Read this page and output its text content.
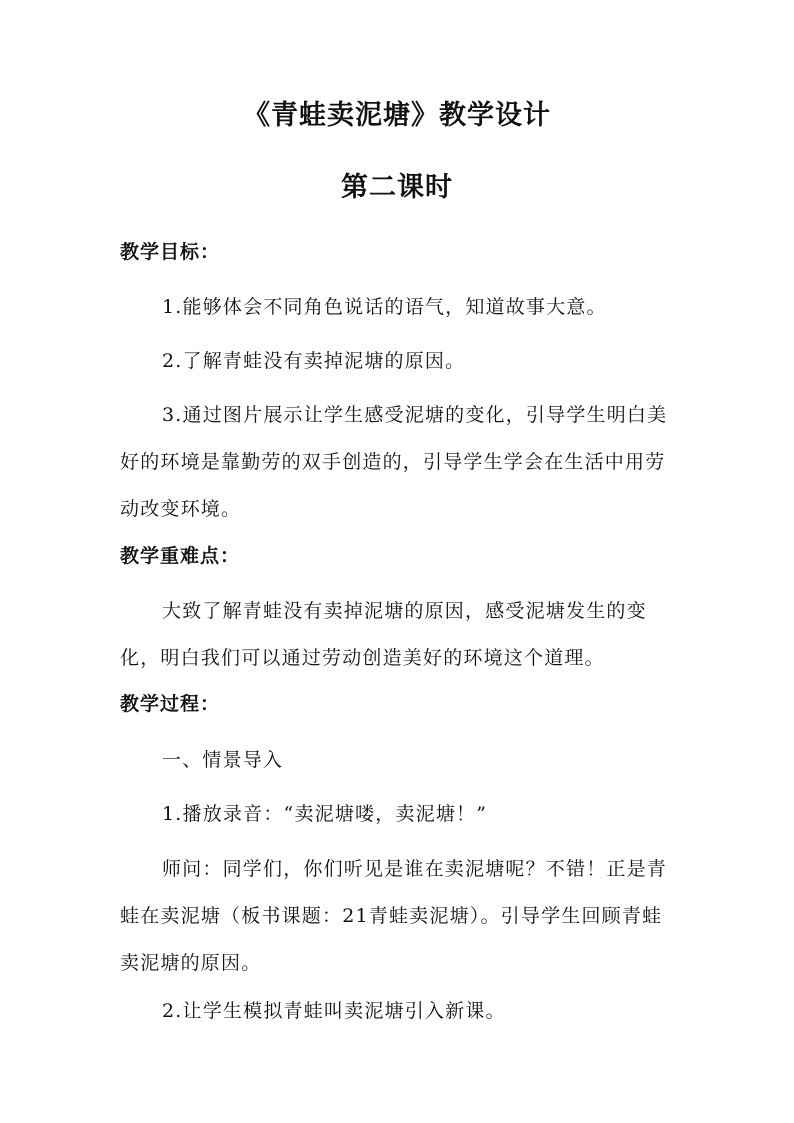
《青蛙卖泥塘》教学设计
第二课时
教学目标：

1.能够体会不同角色说话的语气，知道故事大意。

2.了解青蛙没有卖掉泥塘的原因。

3.通过图片展示让学生感受泥塘的变化，引导学生明白美好的环境是靠勤劳的双手创造的，引导学生学会在生活中用劳动改变环境。

教学重难点：

大致了解青蛙没有卖掉泥塘的原因，感受泥塘发生的变化，明白我们可以通过劳动创造美好的环境这个道理。

教学过程：

一、情景导入

1.播放录音：“卖泥塘喽，卖泥塘！”

师问：同学们，你们听见是谁在卖泥塘呢？不错！正是青蛙在卖泥塘（板书课题：21青蛙卖泥塘）。引导学生回顾青蛙卖泥塘的原因。

2.让学生模拟青蛙叫卖泥塘引入新课。
